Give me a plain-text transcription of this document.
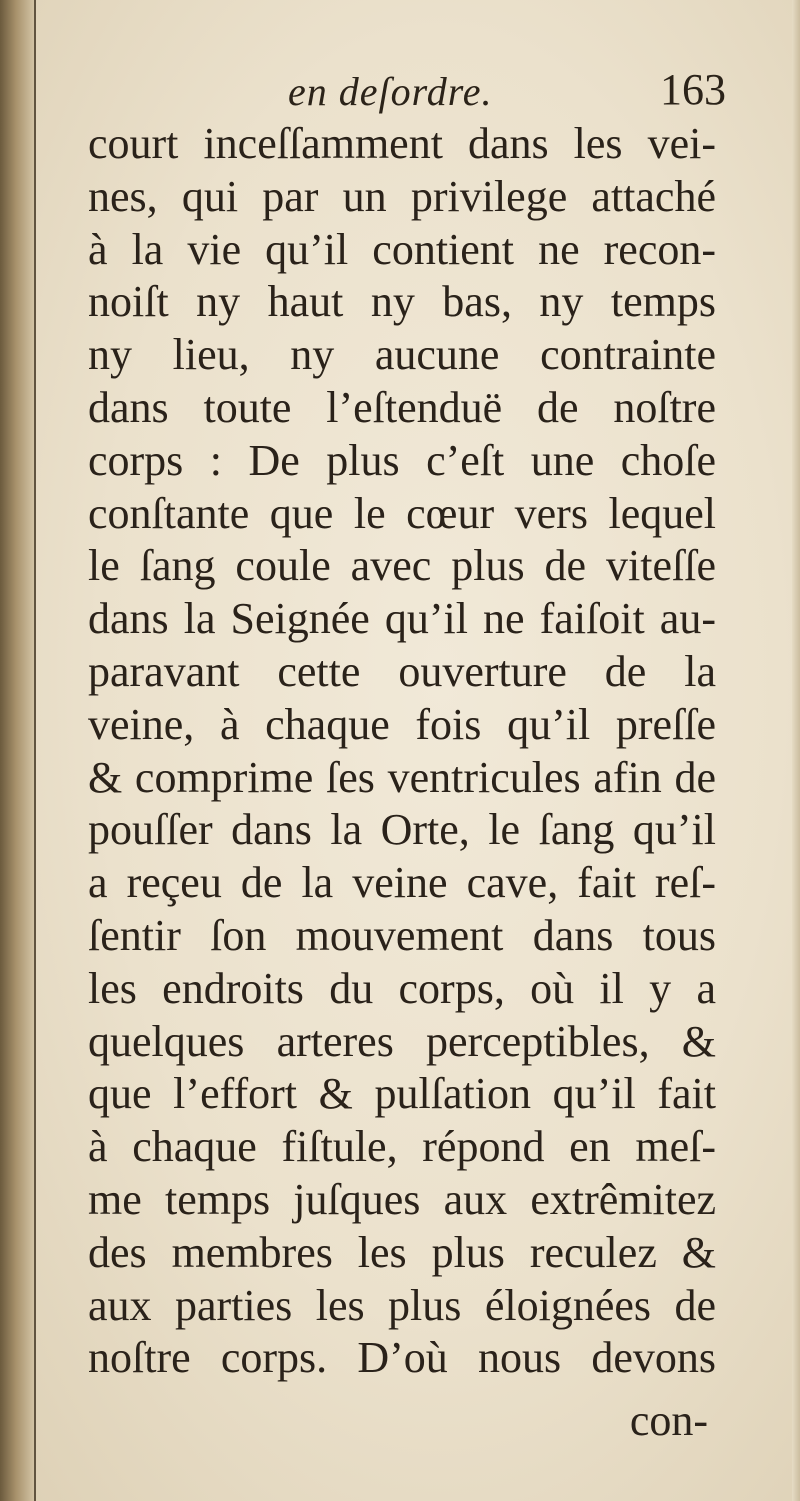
en deſordre.	163
court inceſſamment dans les vei-
nes, qui par un privilege attaché
à la vie qu’il contient ne recon-
noiſt ny haut ny bas, ny temps
ny lieu, ny aucune contrainte
dans toute l’eſtenduë de noſtre
corps : De plus c’eſt une choſe
conſtante que le cœur vers lequel
le ſang coule avec plus de viteſſe
dans la Seignée qu’il ne faiſoit au-
paravant cette ouverture de la
veine, à chaque fois qu’il preſſe
& comprime ſes ventricules afin de
pouſſer dans la Orte, le ſang qu’il
a reçeu de la veine cave, fait reſ-
ſentir ſon mouvement dans tous
les endroits du corps, où il y a
quelques arteres perceptibles, &
que l’effort & pulſation qu’il fait
à chaque fiſtule, répond en meſ-
me temps juſques aux extrêmitez
des membres les plus reculez &
aux parties les plus éloignées de
noſtre corps. D’où nous devons
con-
